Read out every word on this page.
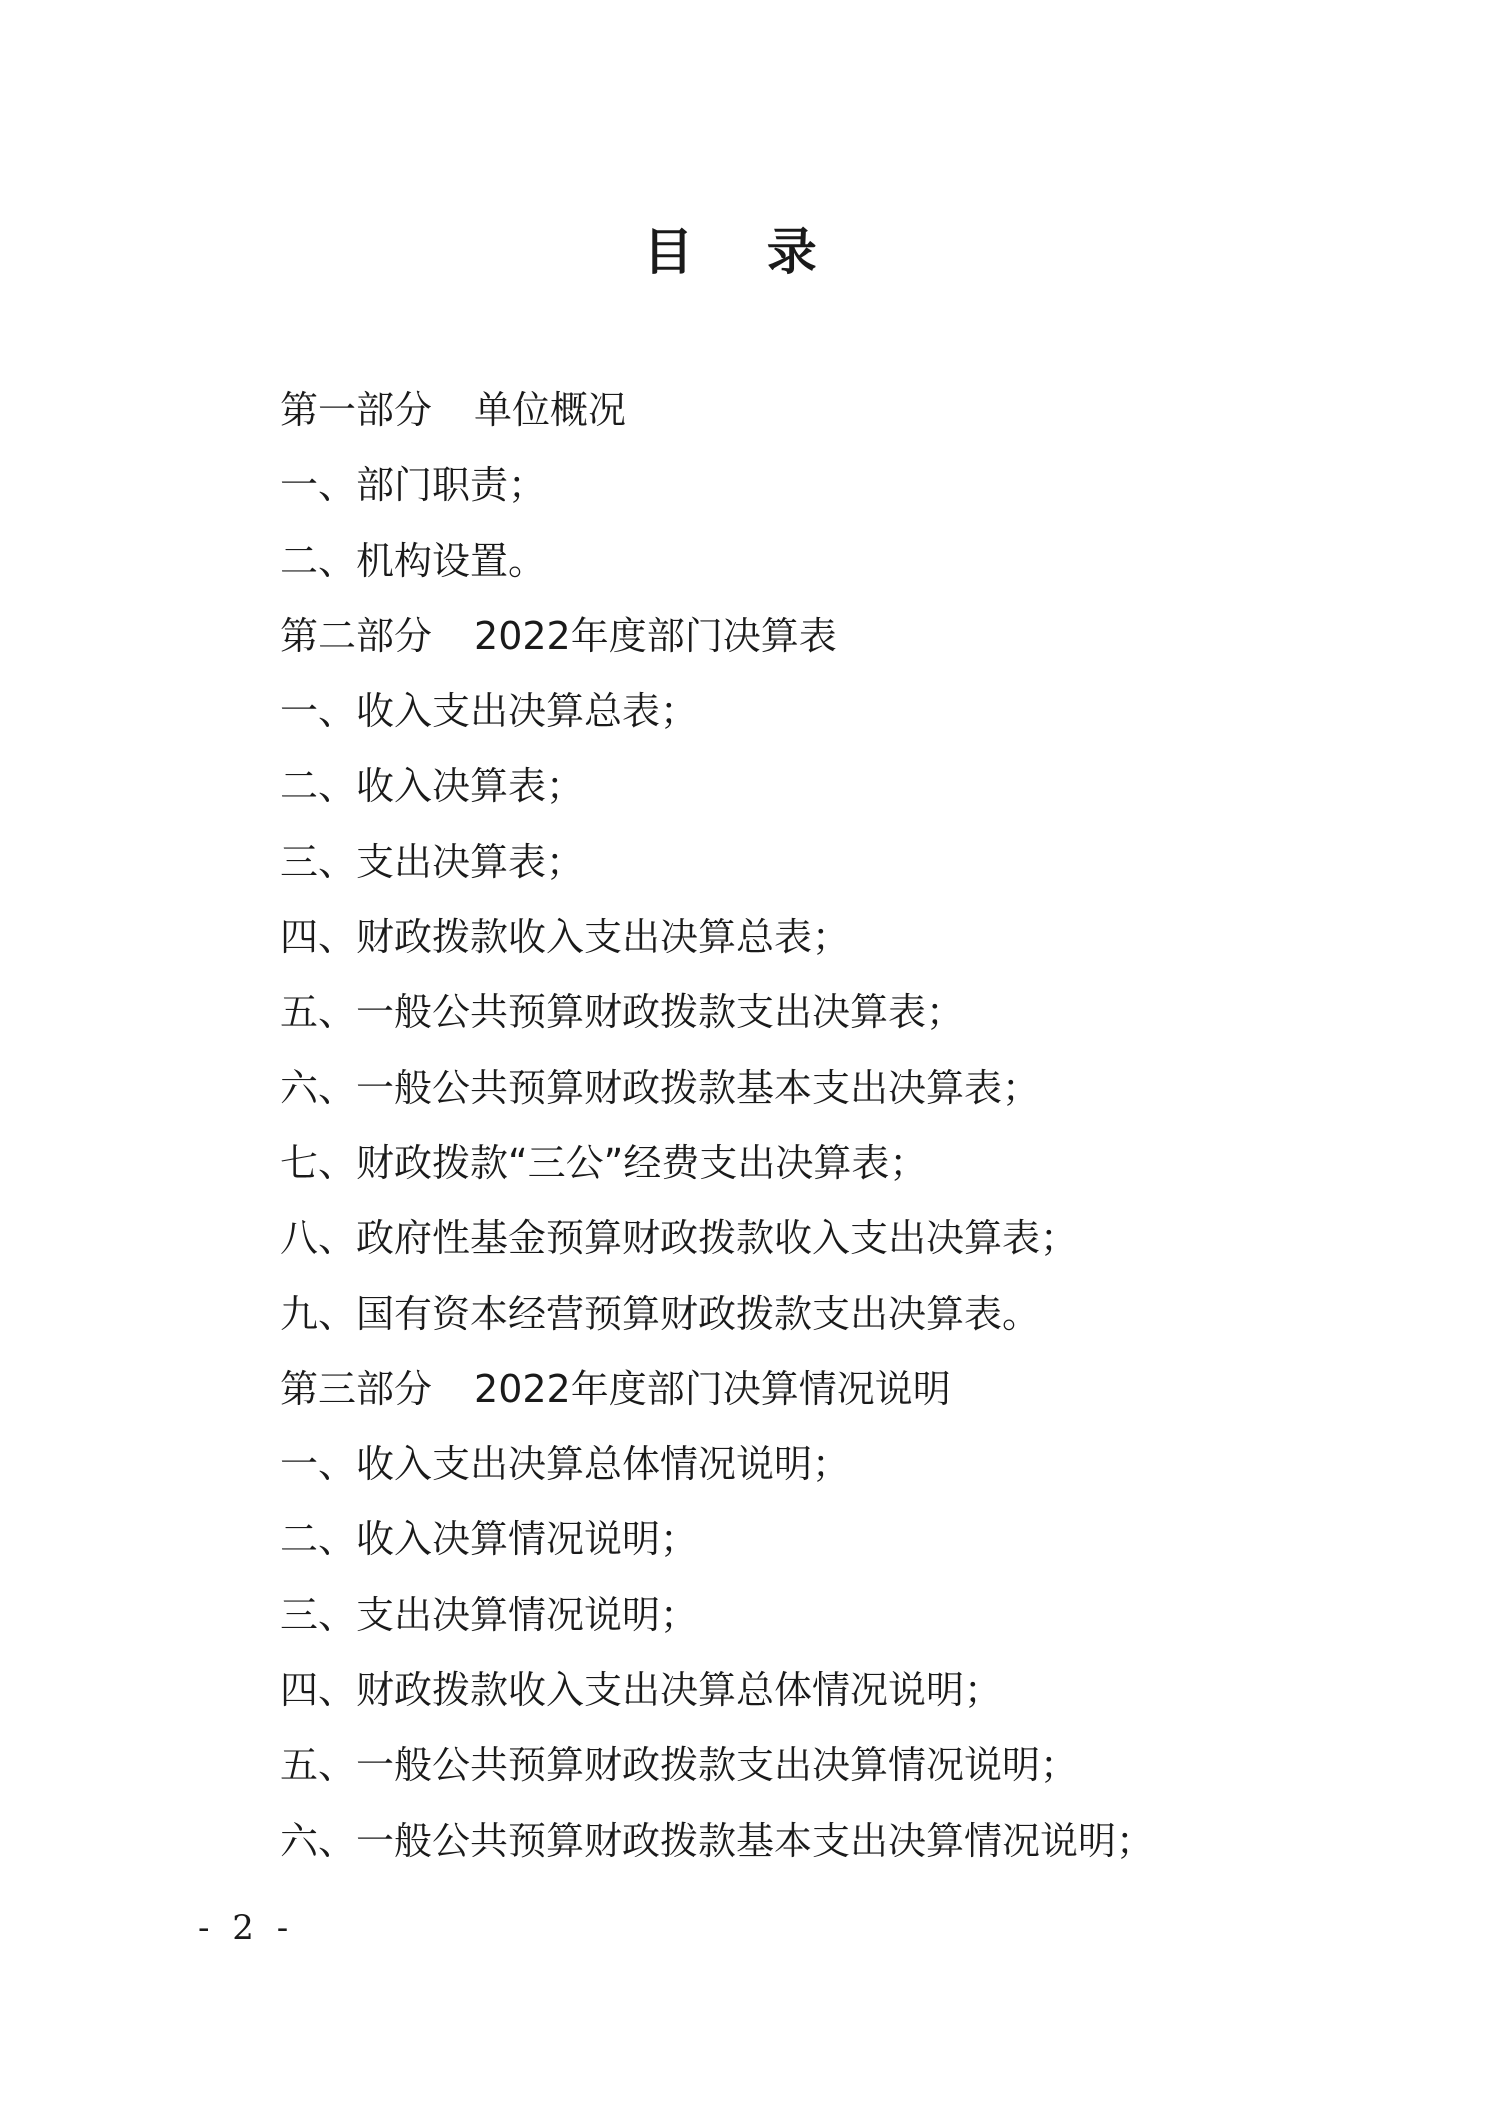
目 录
第一部分 单位概况
一、部门职责；
二、机构设置。
第二部分 2022年度部门决算表
一、收入支出决算总表；
二、收入决算表；
三、支出决算表；
四、财政拨款收入支出决算总表；
五、一般公共预算财政拨款支出决算表；
六、一般公共预算财政拨款基本支出决算表；
七、财政拨款“三公”经费支出决算表；
八、政府性基金预算财政拨款收入支出决算表；
九、国有资本经营预算财政拨款支出决算表。
第三部分 2022年度部门决算情况说明
一、收入支出决算总体情况说明；
二、收入决算情况说明；
三、支出决算情况说明；
四、财政拨款收入支出决算总体情况说明；
五、一般公共预算财政拨款支出决算情况说明；
六、一般公共预算财政拨款基本支出决算情况说明；
- 2 -
